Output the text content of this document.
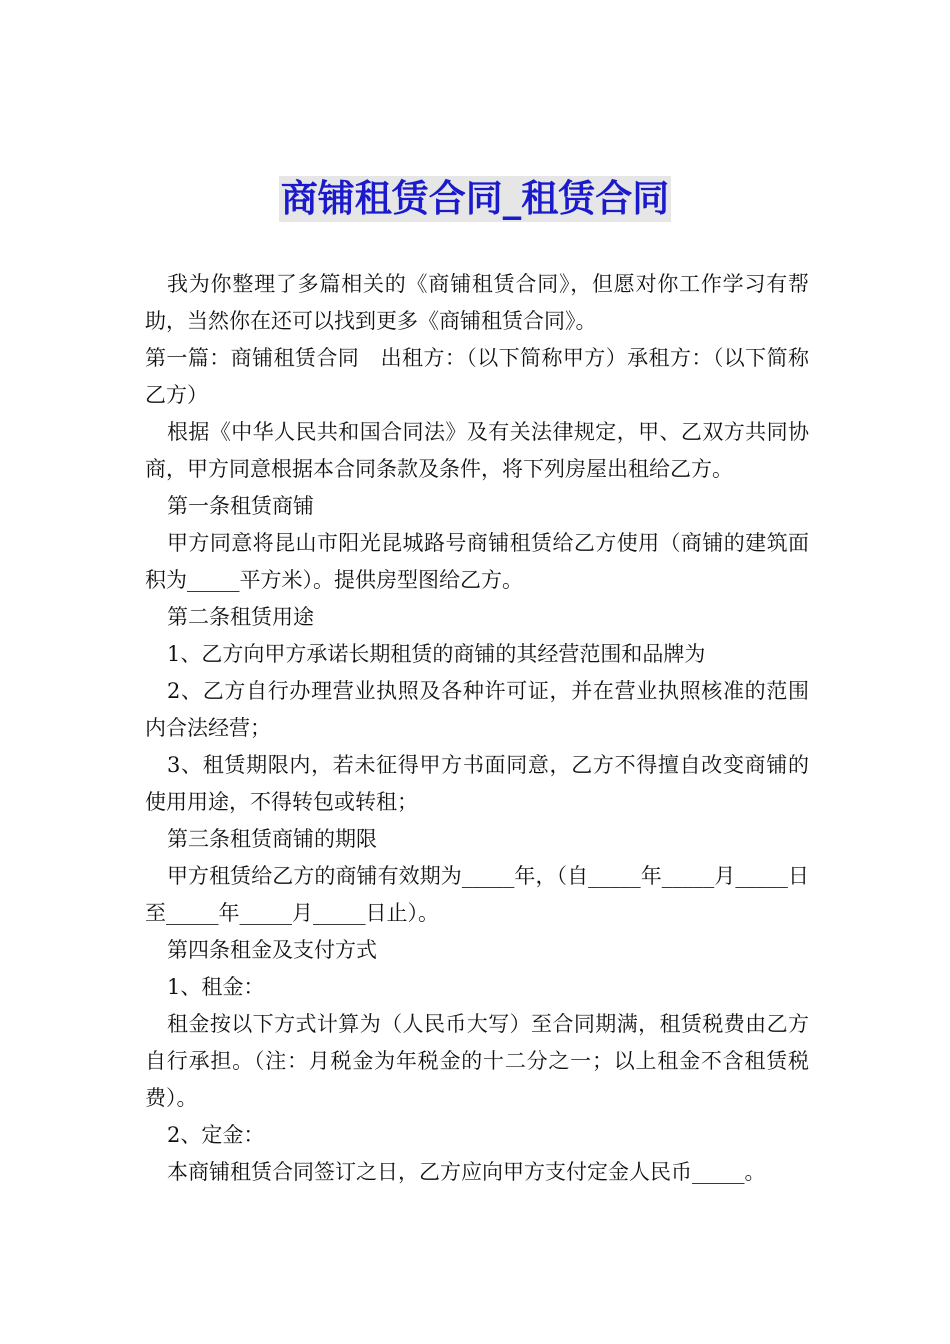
商铺租赁合同_租赁合同

我为你整理了多篇相关的《商铺租赁合同》，但愿对你工作学习有帮助，当然你在还可以找到更多《商铺租赁合同》。

第一篇：商铺租赁合同　出租方：（以下简称甲方）承租方：（以下简称乙方）

根据《中华人民共和国合同法》及有关法律规定，甲、乙双方共同协商，甲方同意根据本合同条款及条件，将下列房屋出租给乙方。

第一条租赁商铺

甲方同意将昆山市阳光昆城路号商铺租赁给乙方使用（商铺的建筑面积为_____平方米）。提供房型图给乙方。

第二条租赁用途

1、乙方向甲方承诺长期租赁的商铺的其经营范围和品牌为

2、乙方自行办理营业执照及各种许可证，并在营业执照核准的范围内合法经营；

3、租赁期限内，若未征得甲方书面同意，乙方不得擅自改变商铺的使用用途，不得转包或转租；

第三条租赁商铺的期限

甲方租赁给乙方的商铺有效期为_____年，（自_____年_____月_____日至_____年_____月_____日止）。

第四条租金及支付方式

1、租金：

租金按以下方式计算为（人民币大写）至合同期满，租赁税费由乙方自行承担。（注：月税金为年税金的十二分之一；以上租金不含租赁税费）。

2、定金：

本商铺租赁合同签订之日，乙方应向甲方支付定金人民币_____。
